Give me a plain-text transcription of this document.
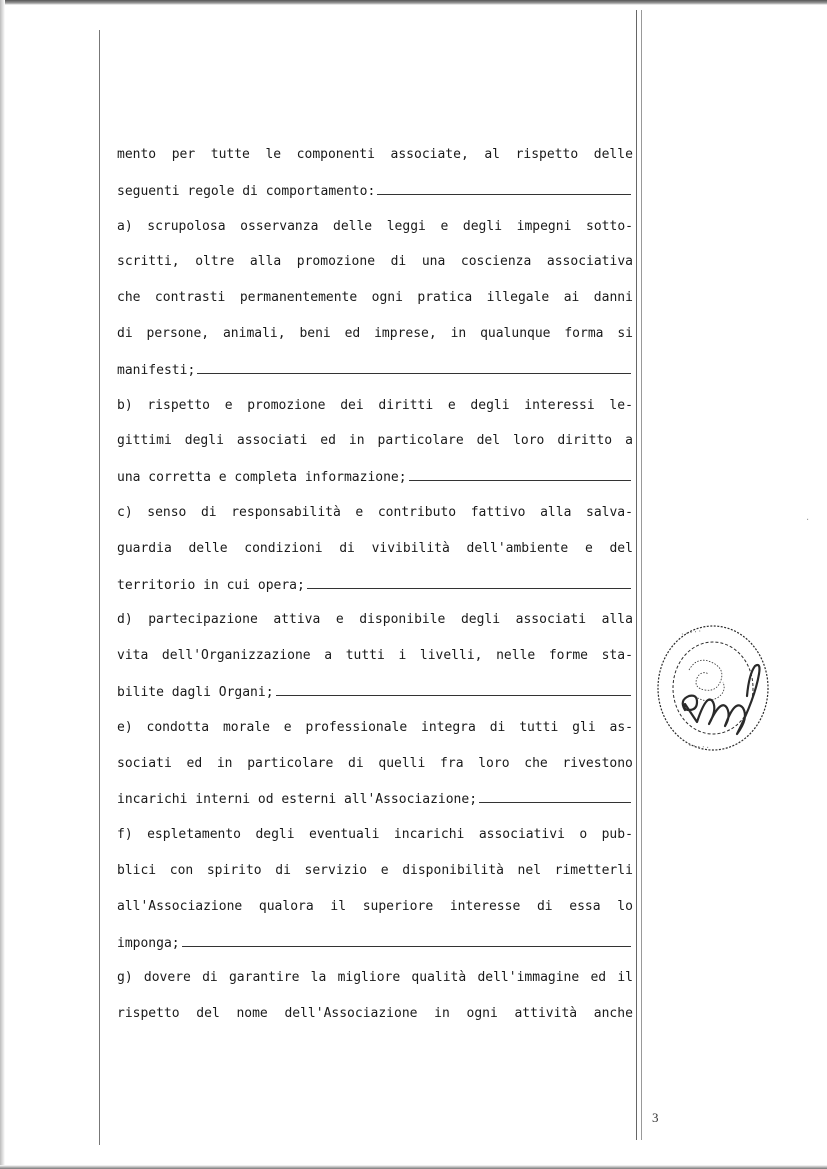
mento per tutte le componenti associate, al rispetto delle
seguenti regole di comportamento:
a) scrupolosa osservanza delle leggi e degli impegni sotto-
scritti, oltre alla promozione di una coscienza associativa
che contrasti permanentemente ogni pratica illegale ai danni
di persone, animali, beni ed imprese, in qualunque forma si
manifesti;
b) rispetto e promozione dei diritti e degli interessi le-
gittimi degli associati ed in particolare del loro diritto a
una corretta e completa informazione;
c) senso di responsabilità e contributo fattivo alla salva-
guardia delle condizioni di vivibilità dell'ambiente e del
territorio in cui opera;
d) partecipazione attiva e disponibile degli associati alla
vita dell'Organizzazione a tutti i livelli, nelle forme sta-
bilite dagli Organi;
e) condotta morale e professionale integra di tutti gli as-
sociati ed in particolare di quelli fra loro che rivestono
incarichi interni od esterni all'Associazione;
f) espletamento degli eventuali incarichi associativi o pub-
blici con spirito di servizio e disponibilità nel rimetterli
all'Associazione qualora il superiore interesse di essa lo
imponga;
g) dovere di garantire la migliore qualità dell'immagine ed il
rispetto del nome dell'Associazione in ogni attività anche
3
·
· · · · ·
· · · · ·
